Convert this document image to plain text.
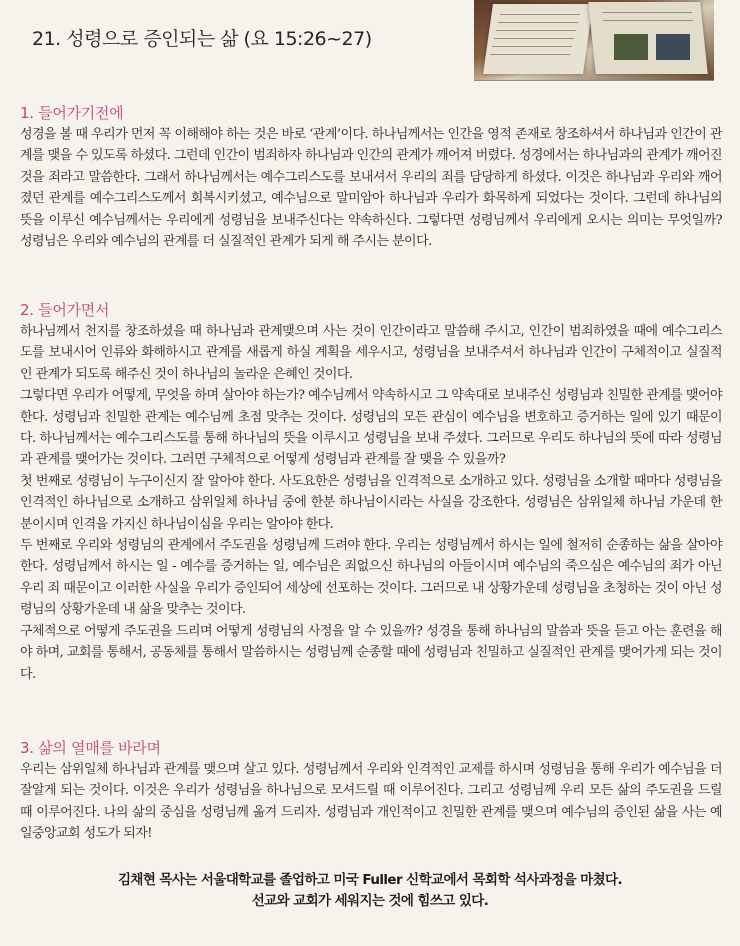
21. 성령으로 증인되는 삶 (요 15:26~27)
1. 들어가기전에

성경을 볼 때 우리가 먼저 꼭 이해해야 하는 것은 바로 ‘관계’이다. 하나님께서는 인간을 영적 존재로 창조하셔서 하나님과 인간이 관계를 맺을 수 있도록 하셨다. 그런데 인간이 범죄하자 하나님과 인간의 관계가 깨어져 버렸다. 성경에서는 하나님과의 관계가 깨어진 것을 죄라고 말씀한다. 그래서 하나님께서는 예수그리스도를 보내셔서 우리의 죄를 담당하게 하셨다. 이것은 하나님과 우리와 깨어졌던 관계를 예수그리스도께서 회복시키셨고, 예수님으로 말미암아 하나님과 우리가 화목하게 되었다는 것이다. 그런데 하나님의 뜻을 이루신 예수님께서는 우리에게 성령님을 보내주신다는 약속하신다. 그렇다면 성령님께서 우리에게 오시는 의미는 무엇일까? 성령님은 우리와 예수님의 관계를 더 실질적인 관계가 되게 해 주시는 분이다.

2. 들어가면서

하나님께서 천지를 창조하셨을 때 하나님과 관계맺으며 사는 것이 인간이라고 말씀해 주시고, 인간이 범죄하였을 때에 예수그리스도를 보내시어 인류와 화해하시고 관계를 새롭게 하실 계획을 세우시고, 성령님을 보내주셔서 하나님과 인간이 구체적이고 실질적인 관계가 되도록 해주신 것이 하나님의 놀라운 은혜인 것이다.

그렇다면 우리가 어떻게, 무엇을 하며 살아야 하는가? 예수님께서 약속하시고 그 약속대로 보내주신 성령님과 친밀한 관계를 맺어야 한다. 성령님과 친밀한 관계는 예수님께 초점 맞추는 것이다. 성령님의 모든 관심이 예수님을 변호하고 증거하는 일에 있기 때문이다. 하나님께서는 예수그리스도를 통해 하나님의 뜻을 이루시고 성령님을 보내 주셨다. 그러므로 우리도 하나님의 뜻에 따라 성령님과 관계를 맺어가는 것이다. 그러면 구체적으로 어떻게 성령님과 관계를 잘 맺을 수 있을까?

첫 번째로 성령님이 누구이신지 잘 알아야 한다. 사도요한은 성령님을 인격적으로 소개하고 있다. 성령님을 소개할 때마다 성령님을 인격적인 하나님으로 소개하고 삼위일체 하나님 중에 한분 하나님이시라는 사실을 강조한다. 성령님은 삼위일체 하나님 가운데 한 분이시며 인격을 가지신 하나님이심을 우리는 알아야 한다.

두 번째로 우리와 성령님의 관계에서 주도권을 성령님께 드려야 한다. 우리는 성령님께서 하시는 일에 철저히 순종하는 삶을 살아야 한다. 성령님께서 하시는 일 - 예수를 증거하는 일, 예수님은 죄없으신 하나님의 아들이시며 예수님의 죽으심은 예수님의 죄가 아닌 우리 죄 때문이고 이러한 사실을 우리가 증인되어 세상에 선포하는 것이다. 그러므로 내 상황가운데 성령님을 초청하는 것이 아닌 성령님의 상황가운데 내 삶을 맞추는 것이다.

구체적으로 어떻게 주도권을 드리며 어떻게 성령님의 사정을 알 수 있을까? 성경을 통해 하나님의 말씀과 뜻을 듣고 아는 훈련을 해야 하며, 교회를 통해서, 공동체를 통해서 말씀하시는 성령님께 순종할 때에 성령님과 친밀하고 실질적인 관계를 맺어가게 되는 것이다.

3. 삶의 열매를 바라며

우리는 삼위일체 하나님과 관계를 맺으며 살고 있다. 성령님께서 우리와 인격적인 교제를 하시며 성령님을 통해 우리가 예수님을 더 잘알게 되는 것이다. 이것은 우리가 성령님을 하나님으로 모셔드릴 때 이루어진다. 그리고 성령님께 우리 모든 삶의 주도권을 드릴 때 이루어진다. 나의 삶의 중심을 성령님께 옮겨 드리자. 성령님과 개인적이고 친밀한 관계를 맺으며 예수님의 증인된 삶을 사는 예일중앙교회 성도가 되자!

김채현 목사는 서울대학교를 졸업하고 미국 Fuller 신학교에서 목회학 석사과정을 마쳤다.
선교와 교회가 세워지는 것에 힘쓰고 있다.
